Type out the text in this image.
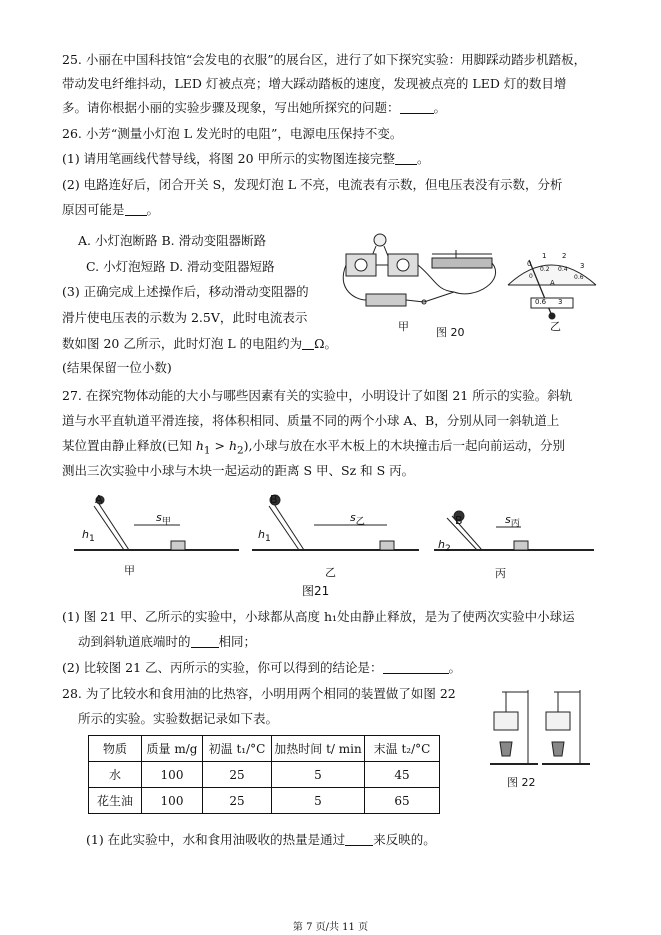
25. 小丽在中国科技馆“会发电的衣服”的展台区，进行了如下探究实验：用脚踩动踏步机踏板，
带动发电纤维抖动，LED 灯被点亮；增大踩动踏板的速度，发现被点亮的 LED 灯的数目增
多。请你根据小丽的实验步骤及现象，写出她所探究的问题：	。
26. 小芳“测量小灯泡 L 发光时的电阻”，电源电压保持不变。
(1) 请用笔画线代替导线，将图 20 甲所示的实物图连接完整 。
(2) 电路连好后，闭合开关 S，发现灯泡 L 不亮，电流表有示数，但电压表没有示数，分析
原因可能是 。
A. 小灯泡断路 B. 滑动变阻器断路
C. 小灯泡短路 D. 滑动变阻器短路
(3) 正确完成上述操作后，移动滑动变阻器的
滑片使电压表的示数为 2.5V，此时电流表示
数如图 20 乙所示，此时灯泡 L 的电阻约为 Ω。
(结果保留一位小数)
0
1 2
3
0
0.2 0.4
0.6
A
0.6 3
甲 图 20	乙
27. 在探究物体动能的大小与哪些因素有关的实验中，小明设计了如图 21 所示的实验。斜轨
道与水平直轨道平滑连接，将体积相同、质量不同的两个小球 A、B，分别从同一斜轨道上
某位置由静止释放(已知 $h_1 > h_2$),小球与放在水平木板上的木块撞击后一起向前运动，分别
测出三次实验中小球与木块一起运动的距离 S 甲、Sz 和 S 丙。
A
$h_1$
$s_甲$
甲
B
$h_1$
$s_乙$
乙
B
$h_2$
$s_丙$
丙
图21
(1) 图 21 甲、乙所示的实验中，小球都从高度 h₁处由静止释放，是为了使两次实验中小球运
动到斜轨道底端时的 相同；
(2) 比较图 21 乙、丙所示的实验，你可以得到的结论是：	。
28. 为了比较水和食用油的比热容，小明用两个相同的装置做了如图 22
所示的实验。实验数据记录如下表。
物质	质量 m/g	初温 t₁/°C	加热时间 t/ min	末温 t₂/°C
水	100	25	5	45
花生油	100	25	5	65
图 22
(1) 在此实验中，水和食用油吸收的热量是通过 来反映的。
第 7 页/共 11 页
